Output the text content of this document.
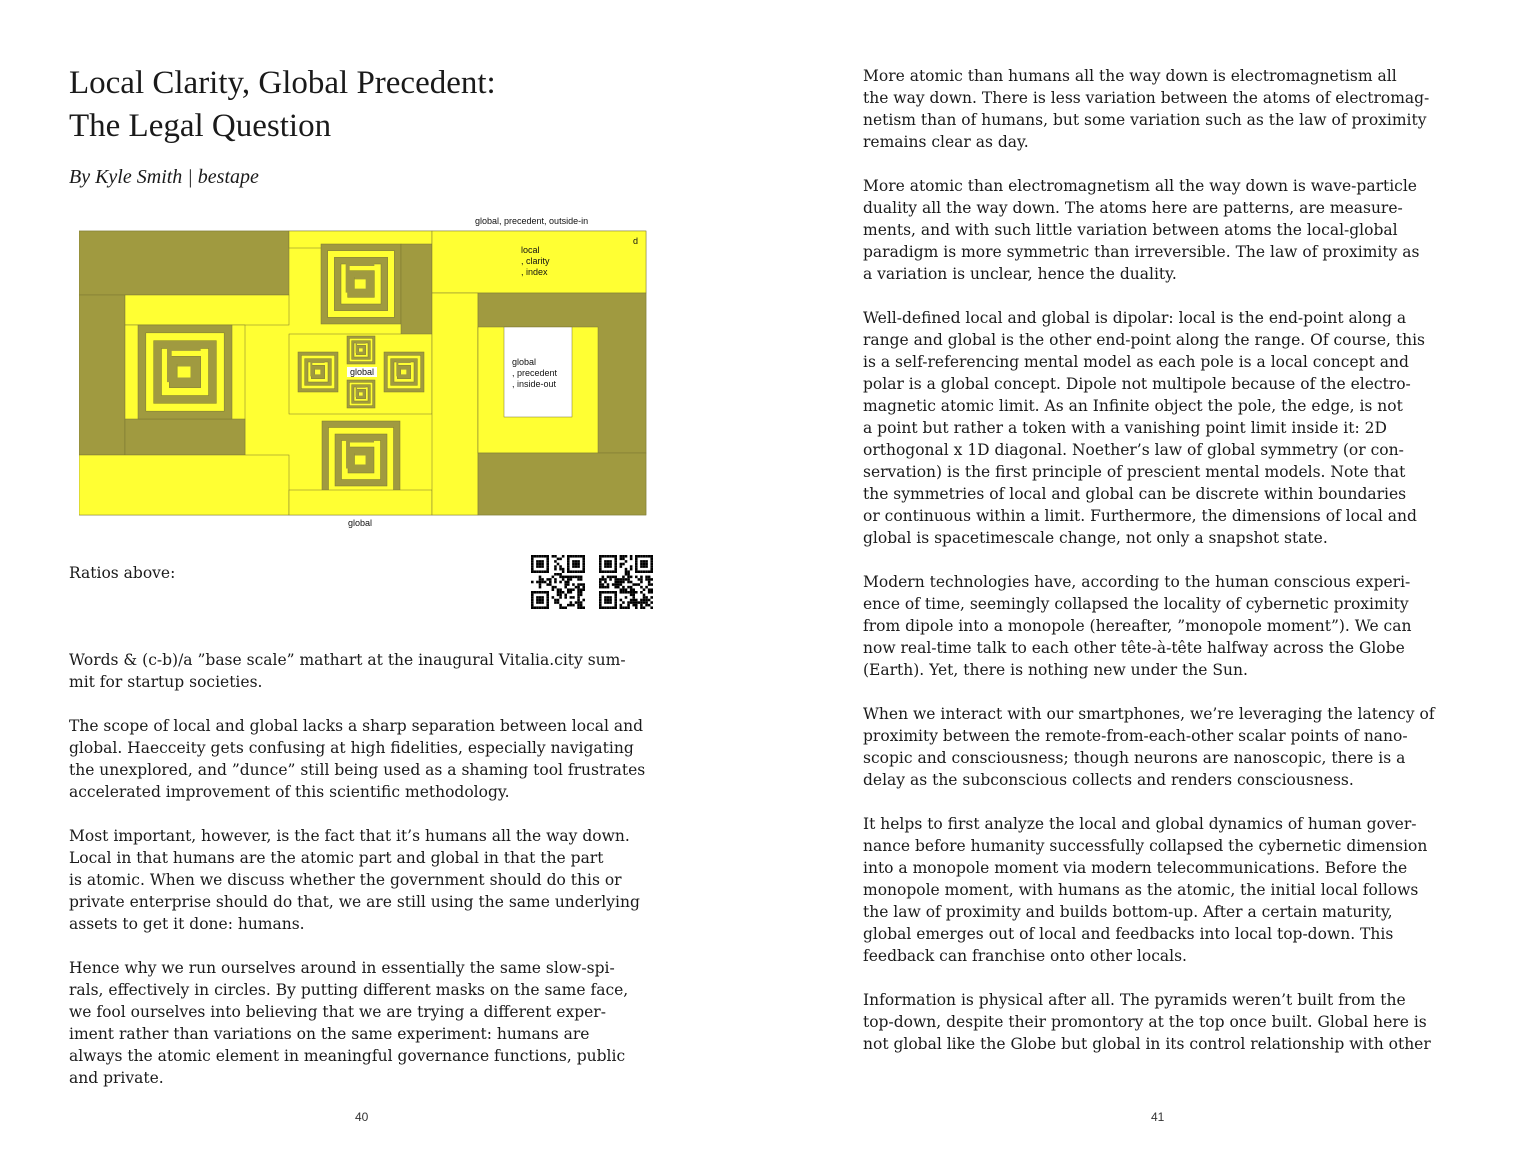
Local Clarity, Global Precedent:
The Legal Question
By Kyle Smith | bestape
global, precedent, outside-in
local
, clarity
, index
d
global
global
, precedent
, inside-out
global
Ratios above:
Words & (c-b)/a ”base scale” mathart at the inaugural Vitalia.city sum-
mit for startup societies.
The scope of local and global lacks a sharp separation between local and
global. Haecceity gets confusing at high fidelities, especially navigating
the unexplored, and ”dunce” still being used as a shaming tool frustrates
accelerated improvement of this scientific methodology.
Most important, however, is the fact that it’s humans all the way down.
Local in that humans are the atomic part and global in that the part
is atomic. When we discuss whether the government should do this or
private enterprise should do that, we are still using the same underlying
assets to get it done: humans.
Hence why we run ourselves around in essentially the same slow-spi-
rals, effectively in circles. By putting different masks on the same face,
we fool ourselves into believing that we are trying a different exper-
iment rather than variations on the same experiment: humans are
always the atomic element in meaningful governance functions, public
and private.
40
More atomic than humans all the way down is electromagnetism all
the way down. There is less variation between the atoms of electromag-
netism than of humans, but some variation such as the law of proximity
remains clear as day.
More atomic than electromagnetism all the way down is wave-particle
duality all the way down. The atoms here are patterns, are measure-
ments, and with such little variation between atoms the local-global
paradigm is more symmetric than irreversible. The law of proximity as
a variation is unclear, hence the duality.
Well-defined local and global is dipolar: local is the end-point along a
range and global is the other end-point along the range. Of course, this
is a self-referencing mental model as each pole is a local concept and
polar is a global concept. Dipole not multipole because of the electro-
magnetic atomic limit. As an Infinite object the pole, the edge, is not
a point but rather a token with a vanishing point limit inside it: 2D
orthogonal x 1D diagonal. Noether’s law of global symmetry (or con-
servation) is the first principle of prescient mental models. Note that
the symmetries of local and global can be discrete within boundaries
or continuous within a limit. Furthermore, the dimensions of local and
global is spacetimescale change, not only a snapshot state.
Modern technologies have, according to the human conscious experi-
ence of time, seemingly collapsed the locality of cybernetic proximity
from dipole into a monopole (hereafter, ”monopole moment”). We can
now real-time talk to each other tête-à-tête halfway across the Globe
(Earth). Yet, there is nothing new under the Sun.
When we interact with our smartphones, we’re leveraging the latency of
proximity between the remote-from-each-other scalar points of nano-
scopic and consciousness; though neurons are nanoscopic, there is a
delay as the subconscious collects and renders consciousness.
It helps to first analyze the local and global dynamics of human gover-
nance before humanity successfully collapsed the cybernetic dimension
into a monopole moment via modern telecommunications. Before the
monopole moment, with humans as the atomic, the initial local follows
the law of proximity and builds bottom-up. After a certain maturity,
global emerges out of local and feedbacks into local top-down. This
feedback can franchise onto other locals.
Information is physical after all. The pyramids weren’t built from the
top-down, despite their promontory at the top once built. Global here is
not global like the Globe but global in its control relationship with other
41
